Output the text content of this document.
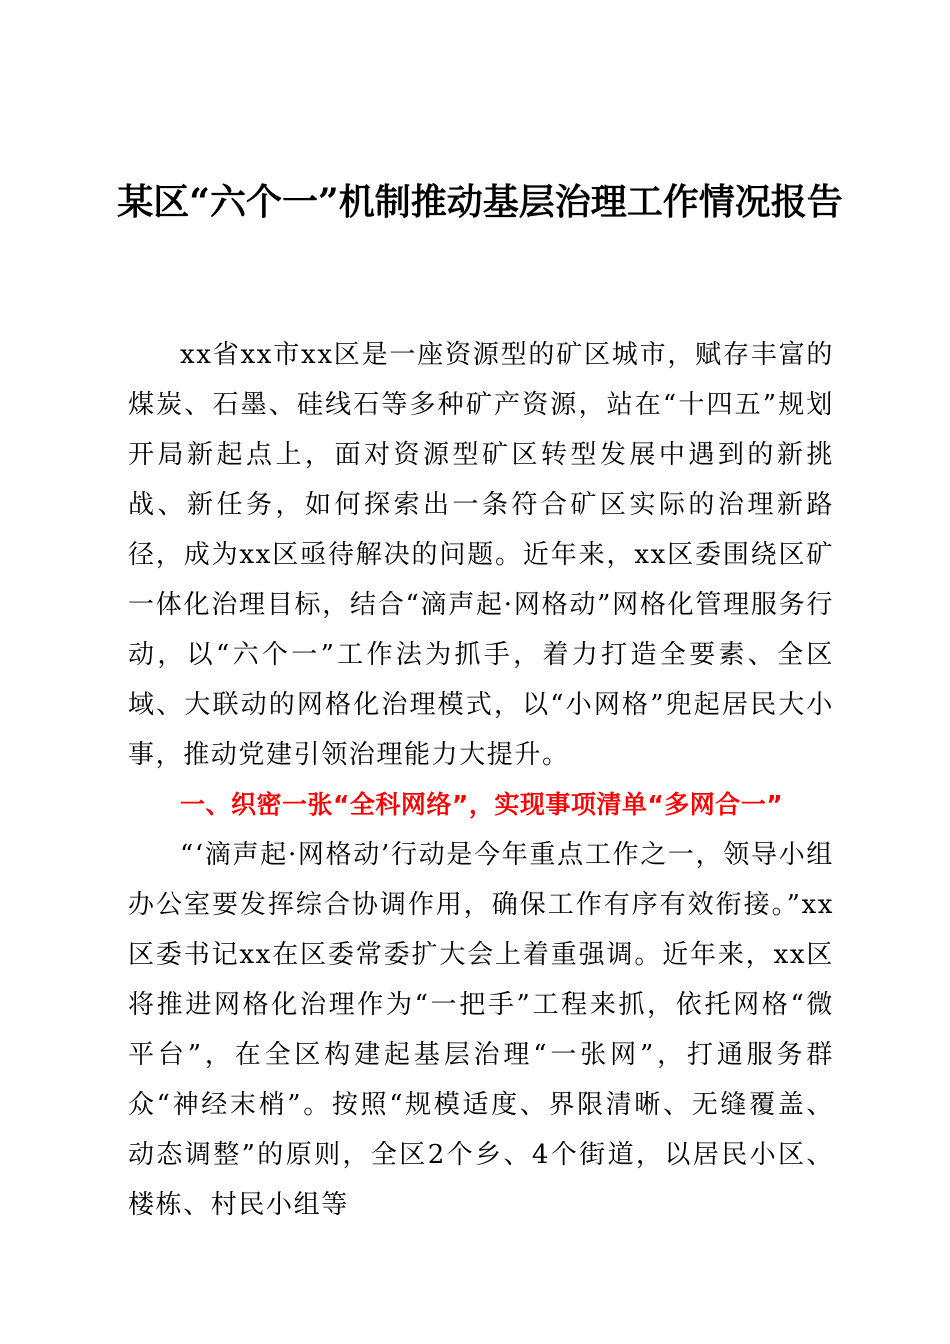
某区“六个一”机制推动基层治理工作情况报告

xx省xx市xx区是一座资源型的矿区城市，赋存丰富的煤炭、石墨、硅线石等多种矿产资源，站在“十四五”规划开局新起点上，面对资源型矿区转型发展中遇到的新挑战、新任务，如何探索出一条符合矿区实际的治理新路径，成为xx区亟待解决的问题。近年来，xx区委围绕区矿一体化治理目标，结合“滴声起·网格动”网格化管理服务行动，以“六个一”工作法为抓手，着力打造全要素、全区域、大联动的网格化治理模式，以“小网格”兜起居民大小事，推动党建引领治理能力大提升。

一、织密一张“全科网络”，实现事项清单“多网合一”

“‘滴声起·网格动’行动是今年重点工作之一，领导小组办公室要发挥综合协调作用，确保工作有序有效衔接。”xx区委书记xx在区委常委扩大会上着重强调。近年来，xx区将推进网格化治理作为“一把手”工程来抓，依托网格“微平台”，在全区构建起基层治理“一张网”，打通服务群众“神经末梢”。按照“规模适度、界限清晰、无缝覆盖、动态调整”的原则，全区2个乡、4个街道，以居民小区、楼栋、村民小组等
